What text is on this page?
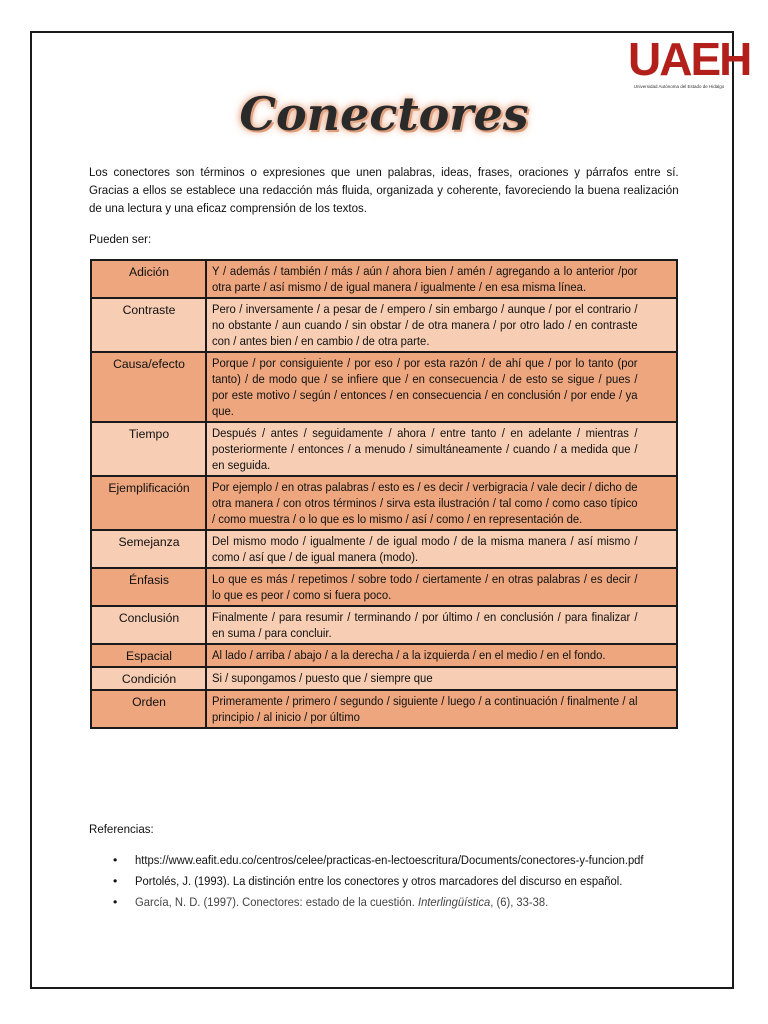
UAEH
Universidad Autónoma del Estado de Hidalgo
Conectores

Los conectores son términos o expresiones que unen palabras, ideas, frases, oraciones y párrafos entre sí. Gracias a ellos se establece una redacción más fluida, organizada y coherente, favoreciendo la buena realización de una lectura y una eficaz comprensión de los textos.

Pueden ser:

Adición	Y / además / también / más / aún / ahora bien / amén / agregando a lo anterior /por otra parte / así mismo / de igual manera / igualmente / en esa misma línea.

Contraste	Pero / inversamente / a pesar de / empero / sin embargo / aunque / por el contrario / no obstante / aun cuando / sin obstar / de otra manera / por otro lado / en contraste con / antes bien / en cambio / de otra parte.

Causa/efecto	Porque / por consiguiente / por eso / por esta razón / de ahí que / por lo tanto (por tanto) / de modo que / se infiere que / en consecuencia / de esto se sigue / pues / por este motivo / según / entonces / en consecuencia / en conclusión / por ende / ya que.

Tiempo	Después / antes / seguidamente / ahora / entre tanto / en adelante / mientras / posteriormente / entonces / a menudo / simultáneamente / cuando / a medida que / en seguida.

Ejemplificación	Por ejemplo / en otras palabras / esto es / es decir / verbigracia / vale decir / dicho de otra manera / con otros términos / sirva esta ilustración / tal como / como caso típico / como muestra / o lo que es lo mismo / así / como / en representación de.

Semejanza	Del mismo modo / igualmente / de igual modo / de la misma manera / así mismo / como / así que / de igual manera (modo).

Énfasis	Lo que es más / repetimos / sobre todo / ciertamente / en otras palabras / es decir / lo que es peor / como si fuera poco.

Conclusión	Finalmente / para resumir / terminando / por último / en conclusión / para finalizar / en suma / para concluir.

Espacial	Al lado / arriba / abajo / a la derecha / a la izquierda / en el medio / en el fondo.

Condición	Si / supongamos / puesto que / siempre que

Orden	Primeramente / primero / segundo / siguiente / luego / a continuación / finalmente / al principio / al inicio / por último

Referencias:

• https://www.eafit.edu.co/centros/celee/practicas-en-lectoescritura/Documents/conectores-y-funcion.pdf
• Portolés, J. (1993). La distinción entre los conectores y otros marcadores del discurso en español.
• García, N. D. (1997). Conectores: estado de la cuestión. Interlingüística, (6), 33-38.
